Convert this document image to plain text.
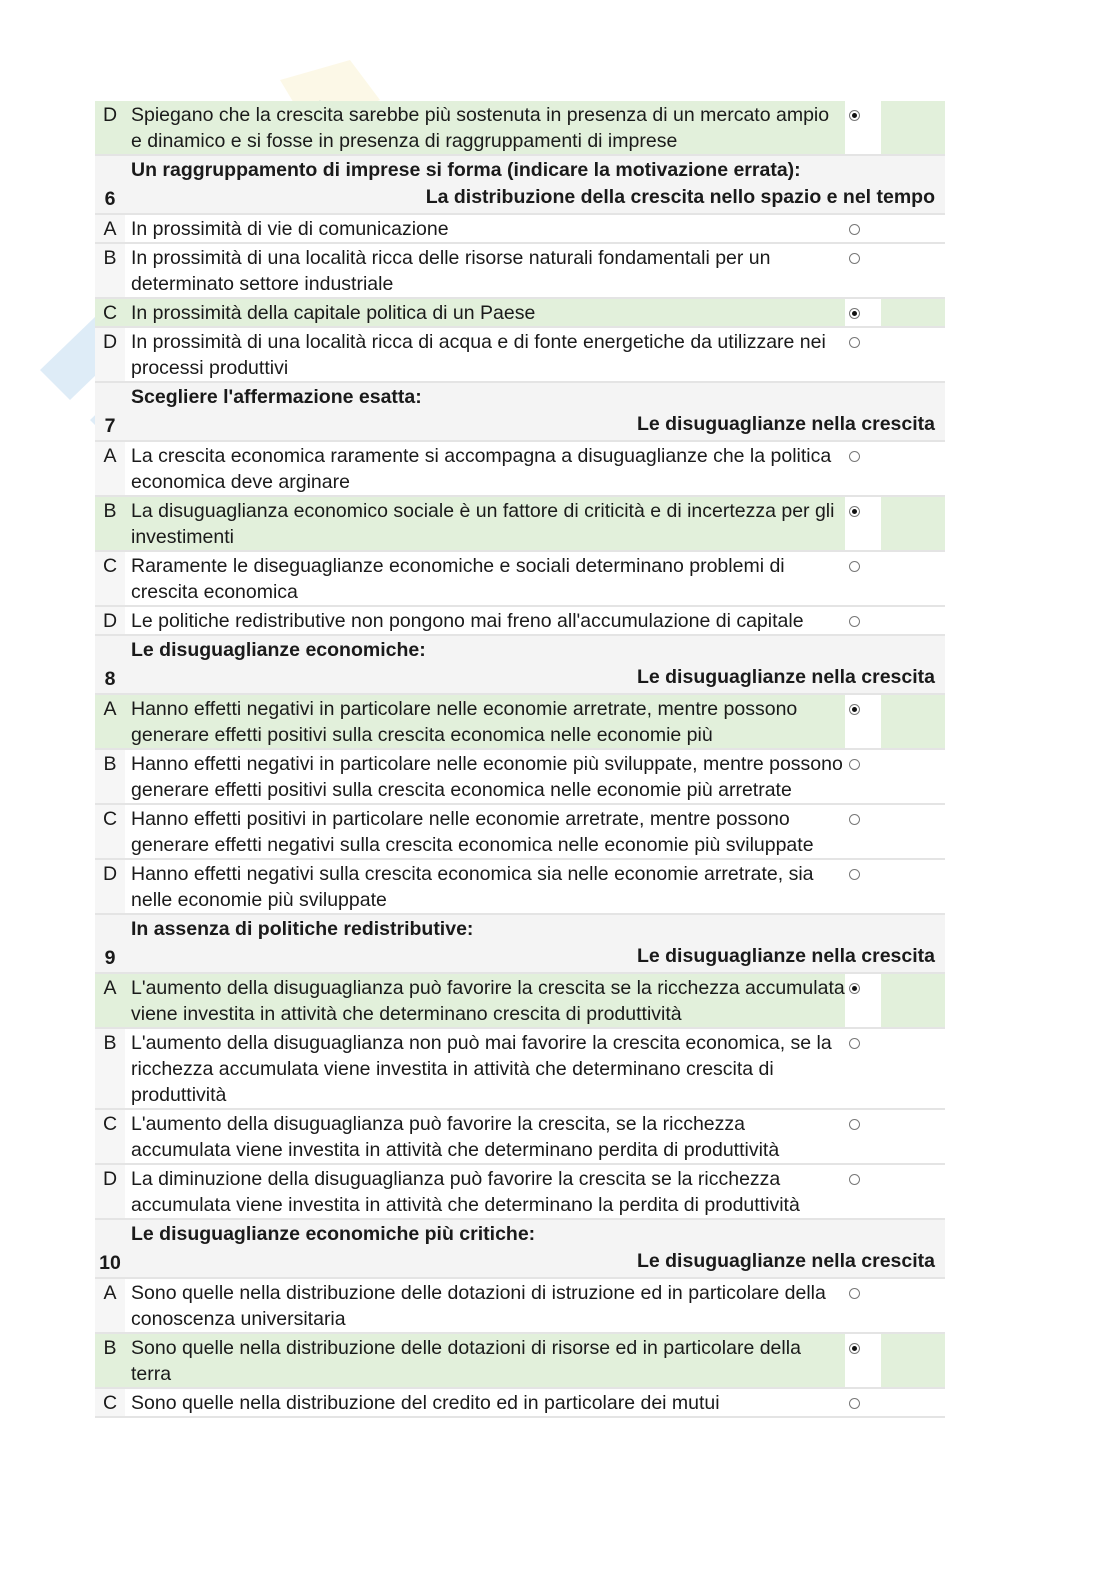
D Spiegano che la crescita sarebbe più sostenuta in presenza di un mercato ampio e dinamico e si fosse in presenza di raggruppamenti di imprese
6
Un raggruppamento di imprese si forma (indicare la motivazione errata):
La distribuzione della crescita nello spazio e nel tempo
A In prossimità di vie di comunicazione
B In prossimità di una località ricca delle risorse naturali fondamentali per un determinato settore industriale
C In prossimità della capitale politica di un Paese
D In prossimità di una località ricca di acqua e di fonte energetiche da utilizzare nei processi produttivi
7
Scegliere l'affermazione esatta:
Le disuguaglianze nella crescita
A La crescita economica raramente si accompagna a disuguaglianze che la politica economica deve arginare
B La disuguaglianza economico sociale è un fattore di criticità e di incertezza per gli investimenti
C Raramente le diseguaglianze economiche e sociali determinano problemi di crescita economica
D Le politiche redistributive non pongono mai freno all'accumulazione di capitale
8
Le disuguaglianze economiche:
Le disuguaglianze nella crescita
A Hanno effetti negativi in particolare nelle economie arretrate, mentre possono generare effetti positivi sulla crescita economica nelle economie più
B Hanno effetti negativi in particolare nelle economie più sviluppate, mentre possono generare effetti positivi sulla crescita economica nelle economie più arretrate
C Hanno effetti positivi in particolare nelle economie arretrate, mentre possono generare effetti negativi sulla crescita economica nelle economie più sviluppate
D Hanno effetti negativi sulla crescita economica sia nelle economie arretrate, sia nelle economie più sviluppate
9
In assenza di politiche redistributive:
Le disuguaglianze nella crescita
A L'aumento della disuguaglianza può favorire la crescita se la ricchezza accumulata viene investita in attività che determinano crescita di produttività
B L'aumento della disuguaglianza non può mai favorire la crescita economica, se la ricchezza accumulata viene investita in attività che determinano crescita di produttività
C L'aumento della disuguaglianza può favorire la crescita, se la ricchezza accumulata viene investita in attività che determinano perdita di produttività
D La diminuzione della disuguaglianza può favorire la crescita se la ricchezza accumulata viene investita in attività che determinano la perdita di produttività
10
Le disuguaglianze economiche più critiche:
Le disuguaglianze nella crescita
A Sono quelle nella distribuzione delle dotazioni di istruzione ed in particolare della conoscenza universitaria
B Sono quelle nella distribuzione delle dotazioni di risorse ed in particolare della terra
C Sono quelle nella distribuzione del credito ed in particolare dei mutui
